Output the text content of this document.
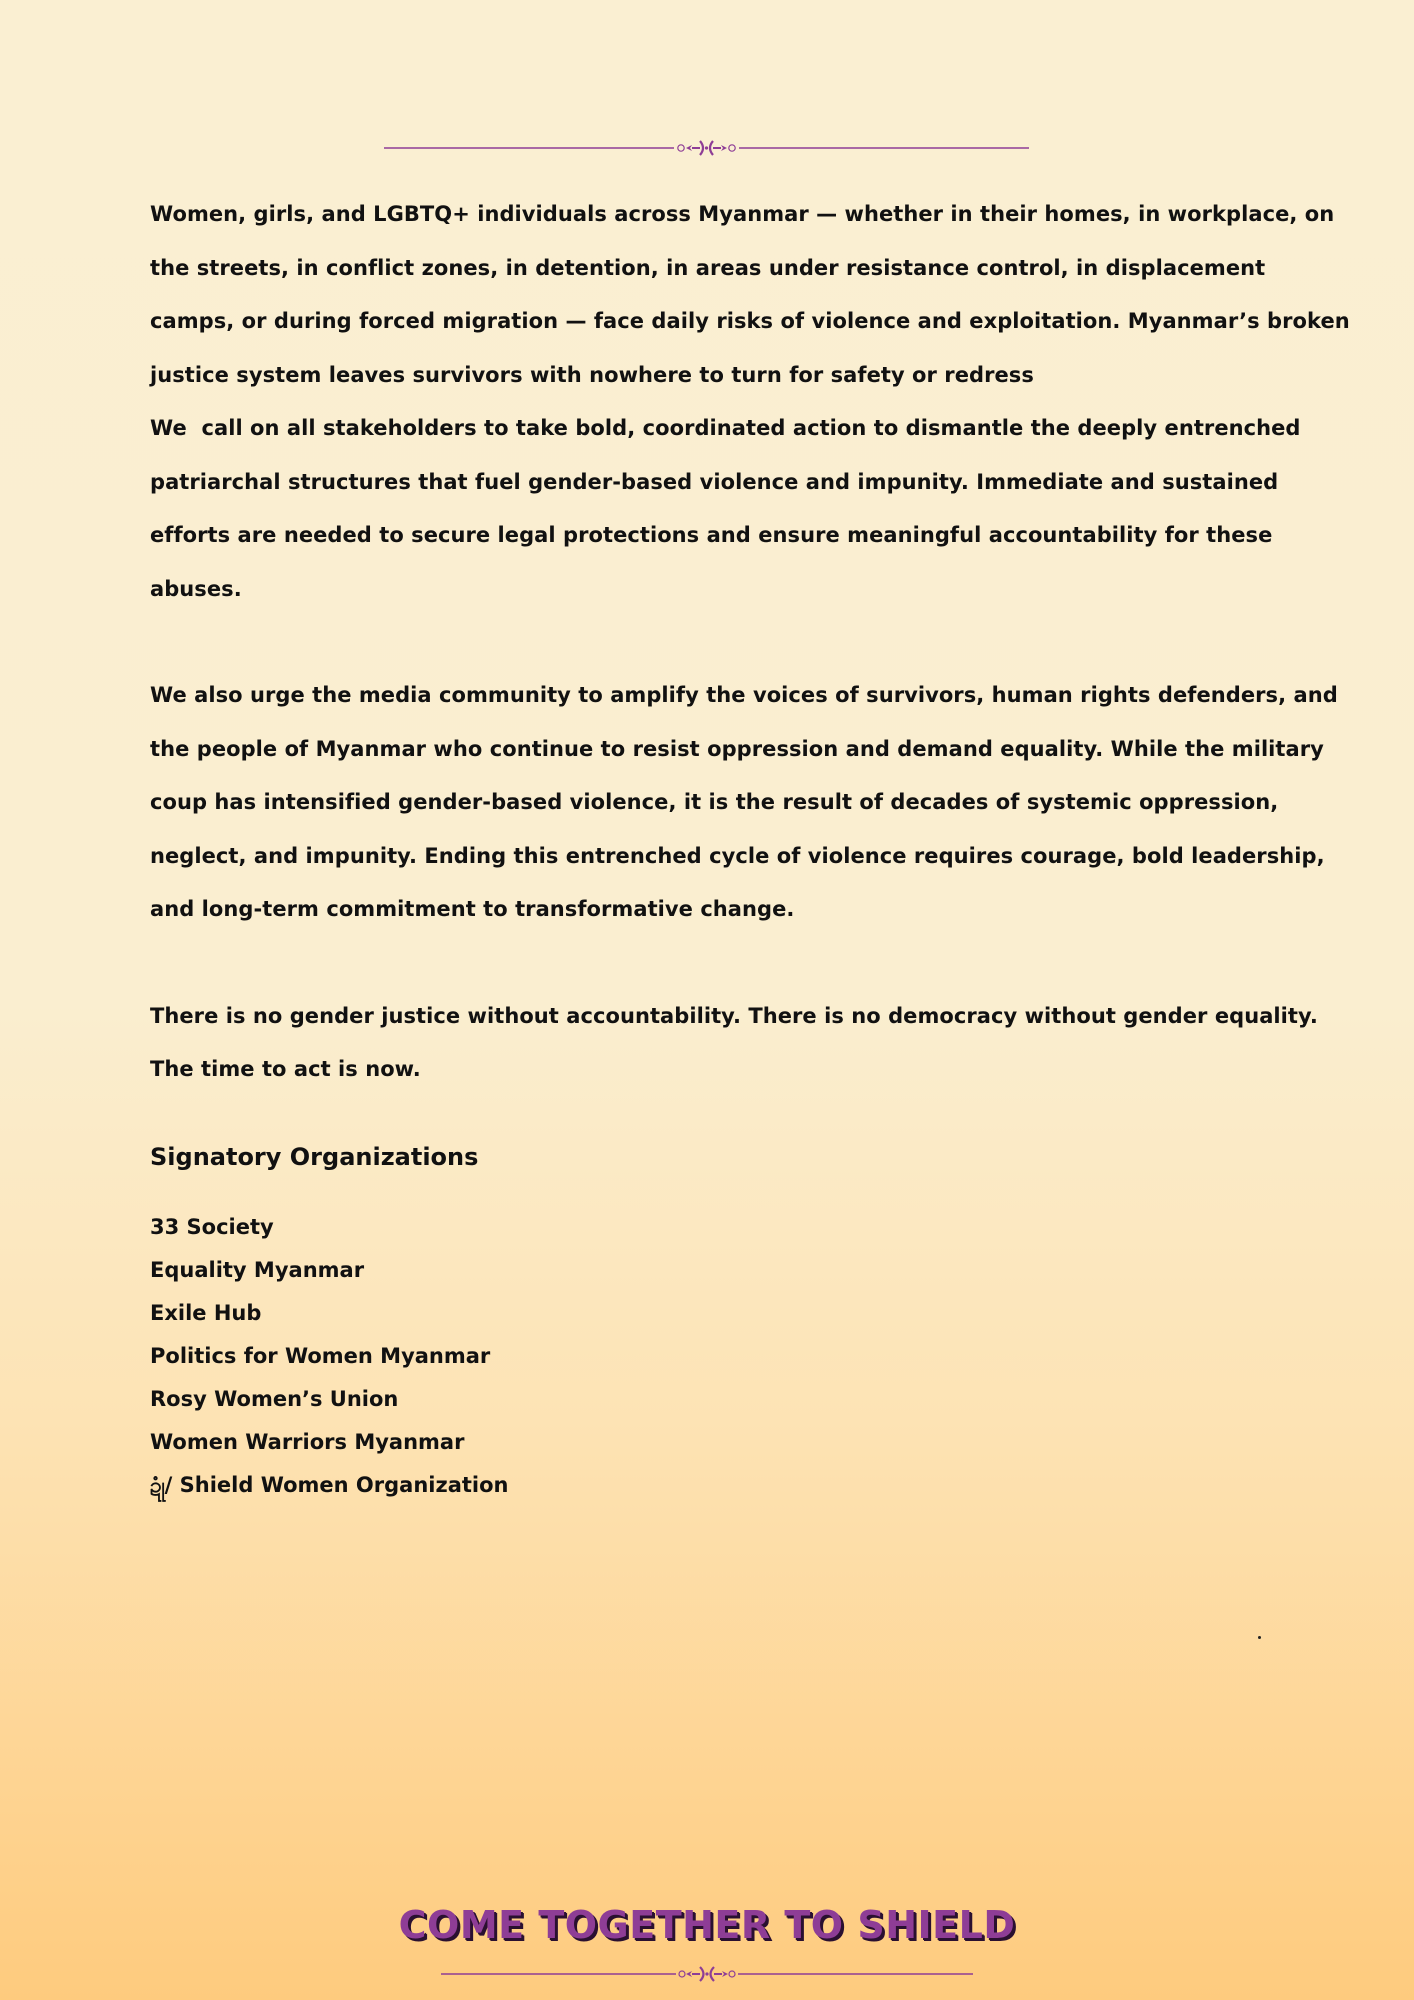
Women, girls, and LGBTQ+ individuals across Myanmar — whether in their homes, in workplace, on
the streets, in conflict zones, in detention, in areas under resistance control, in displacement
camps, or during forced migration — face daily risks of violence and exploitation. Myanmar’s broken
justice system leaves survivors with nowhere to turn for safety or redress

We  call on all stakeholders to take bold, coordinated action to dismantle the deeply entrenched
patriarchal structures that fuel gender-based violence and impunity. Immediate and sustained
efforts are needed to secure legal protections and ensure meaningful accountability for these
abuses.

We also urge the media community to amplify the voices of survivors, human rights defenders, and
the people of Myanmar who continue to resist oppression and demand equality. While the military
coup has intensified gender-based violence, it is the result of decades of systemic oppression,
neglect, and impunity. Ending this entrenched cycle of violence requires courage, bold leadership,
and long-term commitment to transformative change.

There is no gender justice without accountability. There is no democracy without gender equality.
The time to act is now.

Signatory Organizations
33 Society
Equality Myanmar
Exile Hub
Politics for Women Myanmar
Rosy Women’s Union
Women Warriors Myanmar
ဍုံ/ Shield Women Organization
COME TOGETHER TO SHIELD
